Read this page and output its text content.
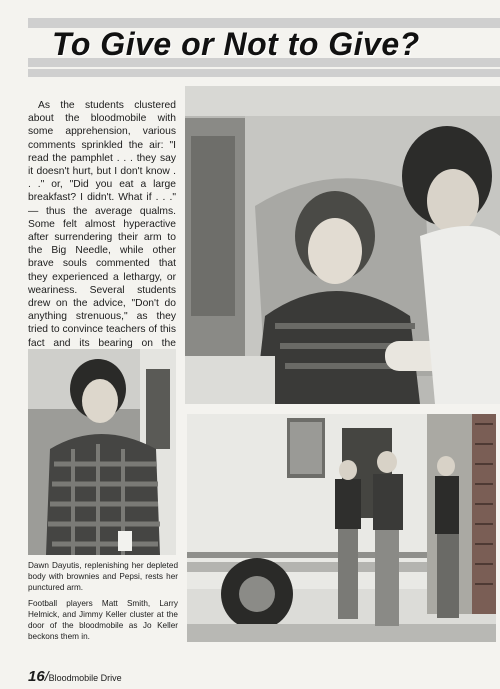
To Give or Not to Give?

As the students clustered about the bloodmobile with some apprehension, various comments sprinkled the air: "I read the pamphlet . . . they say it doesn't hurt, but I don't know . . ." or, "Did you eat a large breakfast? I didn't. What if . . ." — thus the average qualms. Some felt almost hyperactive after surrendering their arm to the Big Needle, while other brave souls commented that they experienced a lethargy, or weariness. Several students drew on the advice, "Don't do anything strenuous," as they tried to convince teachers of this fact and its bearing on the

Dawn Dayutis, replenishing her depleted body with brownies and Pepsi, rests her punctured arm.

Football players Matt Smith, Larry Helmick, and Jimmy Keller cluster at the door of the bloodmobile as Jo Keller beckons them in.

16/Bloodmobile Drive
